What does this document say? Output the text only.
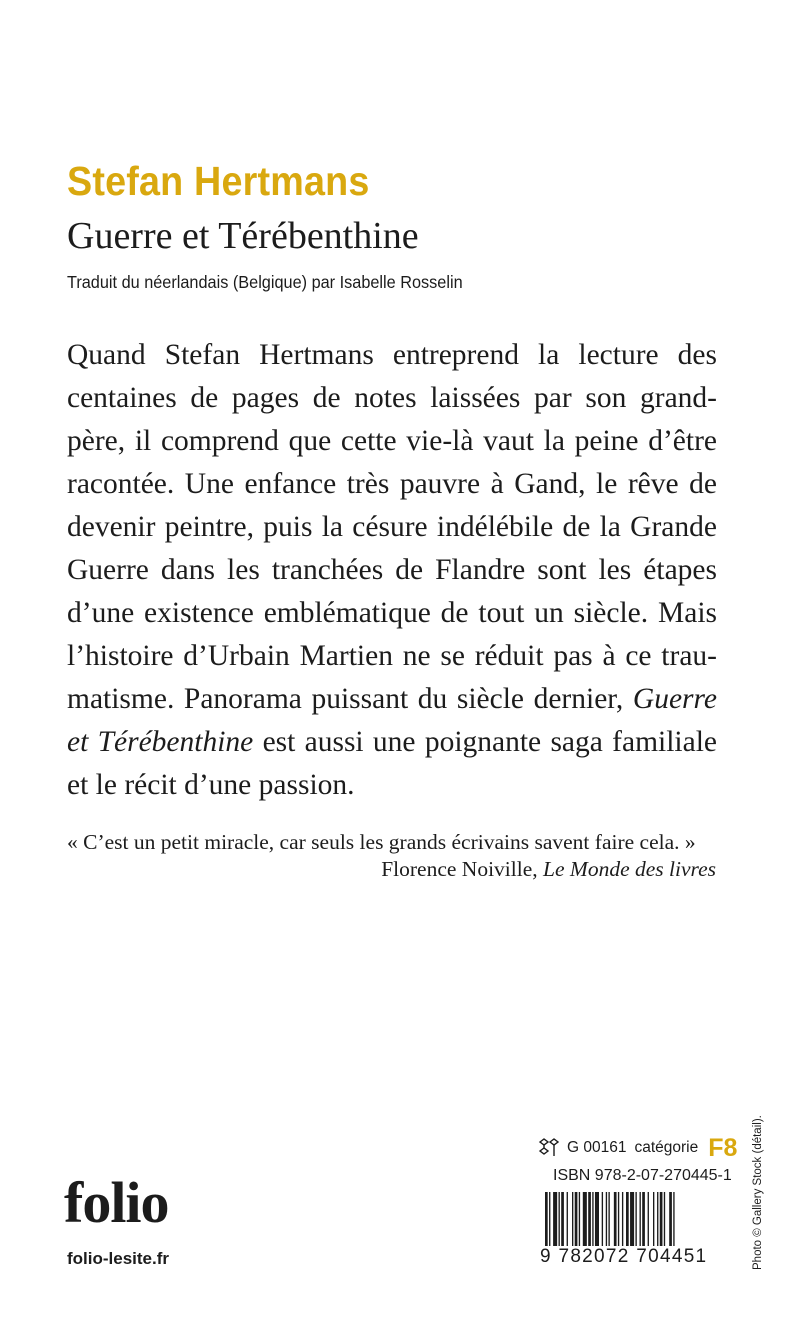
Stefan Hertmans
Guerre et Térébenthine
Traduit du néerlandais (Belgique) par Isabelle Rosselin
Quand Stefan Hertmans entreprend la lecture des
centaines de pages de notes laissées par son grand-
père, il comprend que cette vie-là vaut la peine d’être
racontée. Une enfance très pauvre à Gand, le rêve de
devenir peintre, puis la césure indélébile de la Grande
Guerre dans les tranchées de Flandre sont les étapes
d’une existence emblématique de tout un siècle. Mais
l’histoire d’Urbain Martien ne se réduit pas à ce trau-
matisme. Panorama puissant du siècle dernier, Guerre
et Térébenthine est aussi une poignante saga familiale
et le récit d’une passion.
« C’est un petit miracle, car seuls les grands écrivains savent faire cela. »
Florence Noiville, Le Monde des livres
G 00161 catégorie F8
ISBN 978-2-07-270445-1
folio
folio-lesite.fr	9 782072 704451	Photo © Gallery Stock (détail).
